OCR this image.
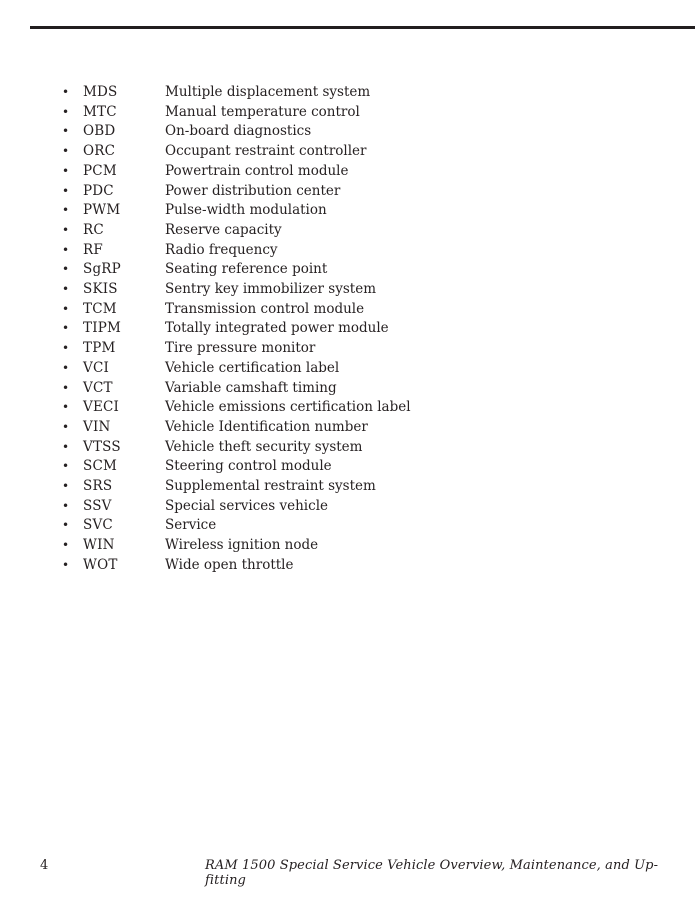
•	MDS	Multiple displacement system
•	MTC	Manual temperature control
•	OBD	On-board diagnostics
•	ORC	Occupant restraint controller
•	PCM	Powertrain control module
•	PDC	Power distribution center
•	PWM	Pulse-width modulation
•	RC	Reserve capacity
•	RF	Radio frequency
•	SgRP	Seating reference point
•	SKIS	Sentry key immobilizer system
•	TCM	Transmission control module
•	TIPM	Totally integrated power module
•	TPM	Tire pressure monitor
•	VCI	Vehicle certification label
•	VCT	Variable camshaft timing
•	VECI	Vehicle emissions certification label
•	VIN	Vehicle Identification number
•	VTSS	Vehicle theft security system
•	SCM	Steering control module
•	SRS	Supplemental restraint system
•	SSV	Special services vehicle
•	SVC	Service
•	WIN	Wireless ignition node
•	WOT	Wide open throttle
4	RAM 1500 Special Service Vehicle Overview, Maintenance, and Up-fitting
